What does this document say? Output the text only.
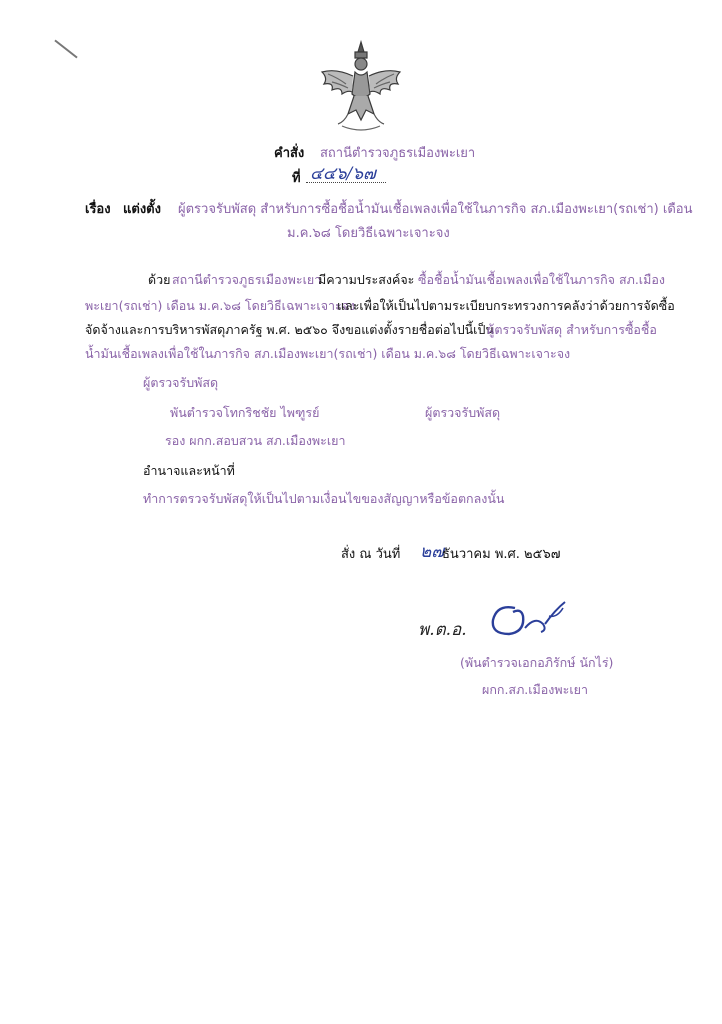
คำสั่ง สถานีตำรวจภูธรเมืองพะเยา
ที่ ๔๔๖/๖๗
เรื่อง แต่งตั้ง ผู้ตรวจรับพัสดุ สำหรับการซื้อชื้อน้ำมันเชื้อเพลงเพื่อใช้ในภารกิจ สภ.เมืองพะเยา(รถเช่า) เดือน
ม.ค.๖๘ โดยวิธีเฉพาะเจาะจง
ด้วย สถานีตำรวจภูธรเมืองพะเยา
มีความประสงค์จะ ซื้อชื้อน้ำมันเชื้อเพลงเพื่อใช้ในภารกิจ สภ.เมือง
พะเยา(รถเช่า) เดือน ม.ค.๖๘ โดยวิธีเฉพาะเจาะจง
และเพื่อให้เป็นไปตามระเบียบกระทรวงการคลังว่าด้วยการจัดซื้อ
จัดจ้างและการบริหารพัสดุภาครัฐ พ.ศ. ๒๕๖๐ จึงขอแต่งตั้งรายชื่อต่อไปนี้เป็น
ผู้ตรวจรับพัสดุ สำหรับการซื้อชื้อ
น้ำมันเชื้อเพลงเพื่อใช้ในภารกิจ สภ.เมืองพะเยา(รถเช่า) เดือน ม.ค.๖๘ โดยวิธีเฉพาะเจาะจง
ผู้ตรวจรับพัสดุ
พันตำรวจโทกริชชัย ไพฑูรย์	ผู้ตรวจรับพัสดุ
รอง ผกก.สอบสวน สภ.เมืองพะเยา
อำนาจและหน้าที่
ทำการตรวจรับพัสดุให้เป็นไปตามเงื่อนไขของสัญญาหรือข้อตกลงนั้น
สั่ง ณ วันที่ ๒๗
ธันวาคม พ.ศ. ๒๕๖๗
พ.ต.อ.
(พันตำรวจเอกอภิรักษ์ นักไร่)
ผกก.สภ.เมืองพะเยา
